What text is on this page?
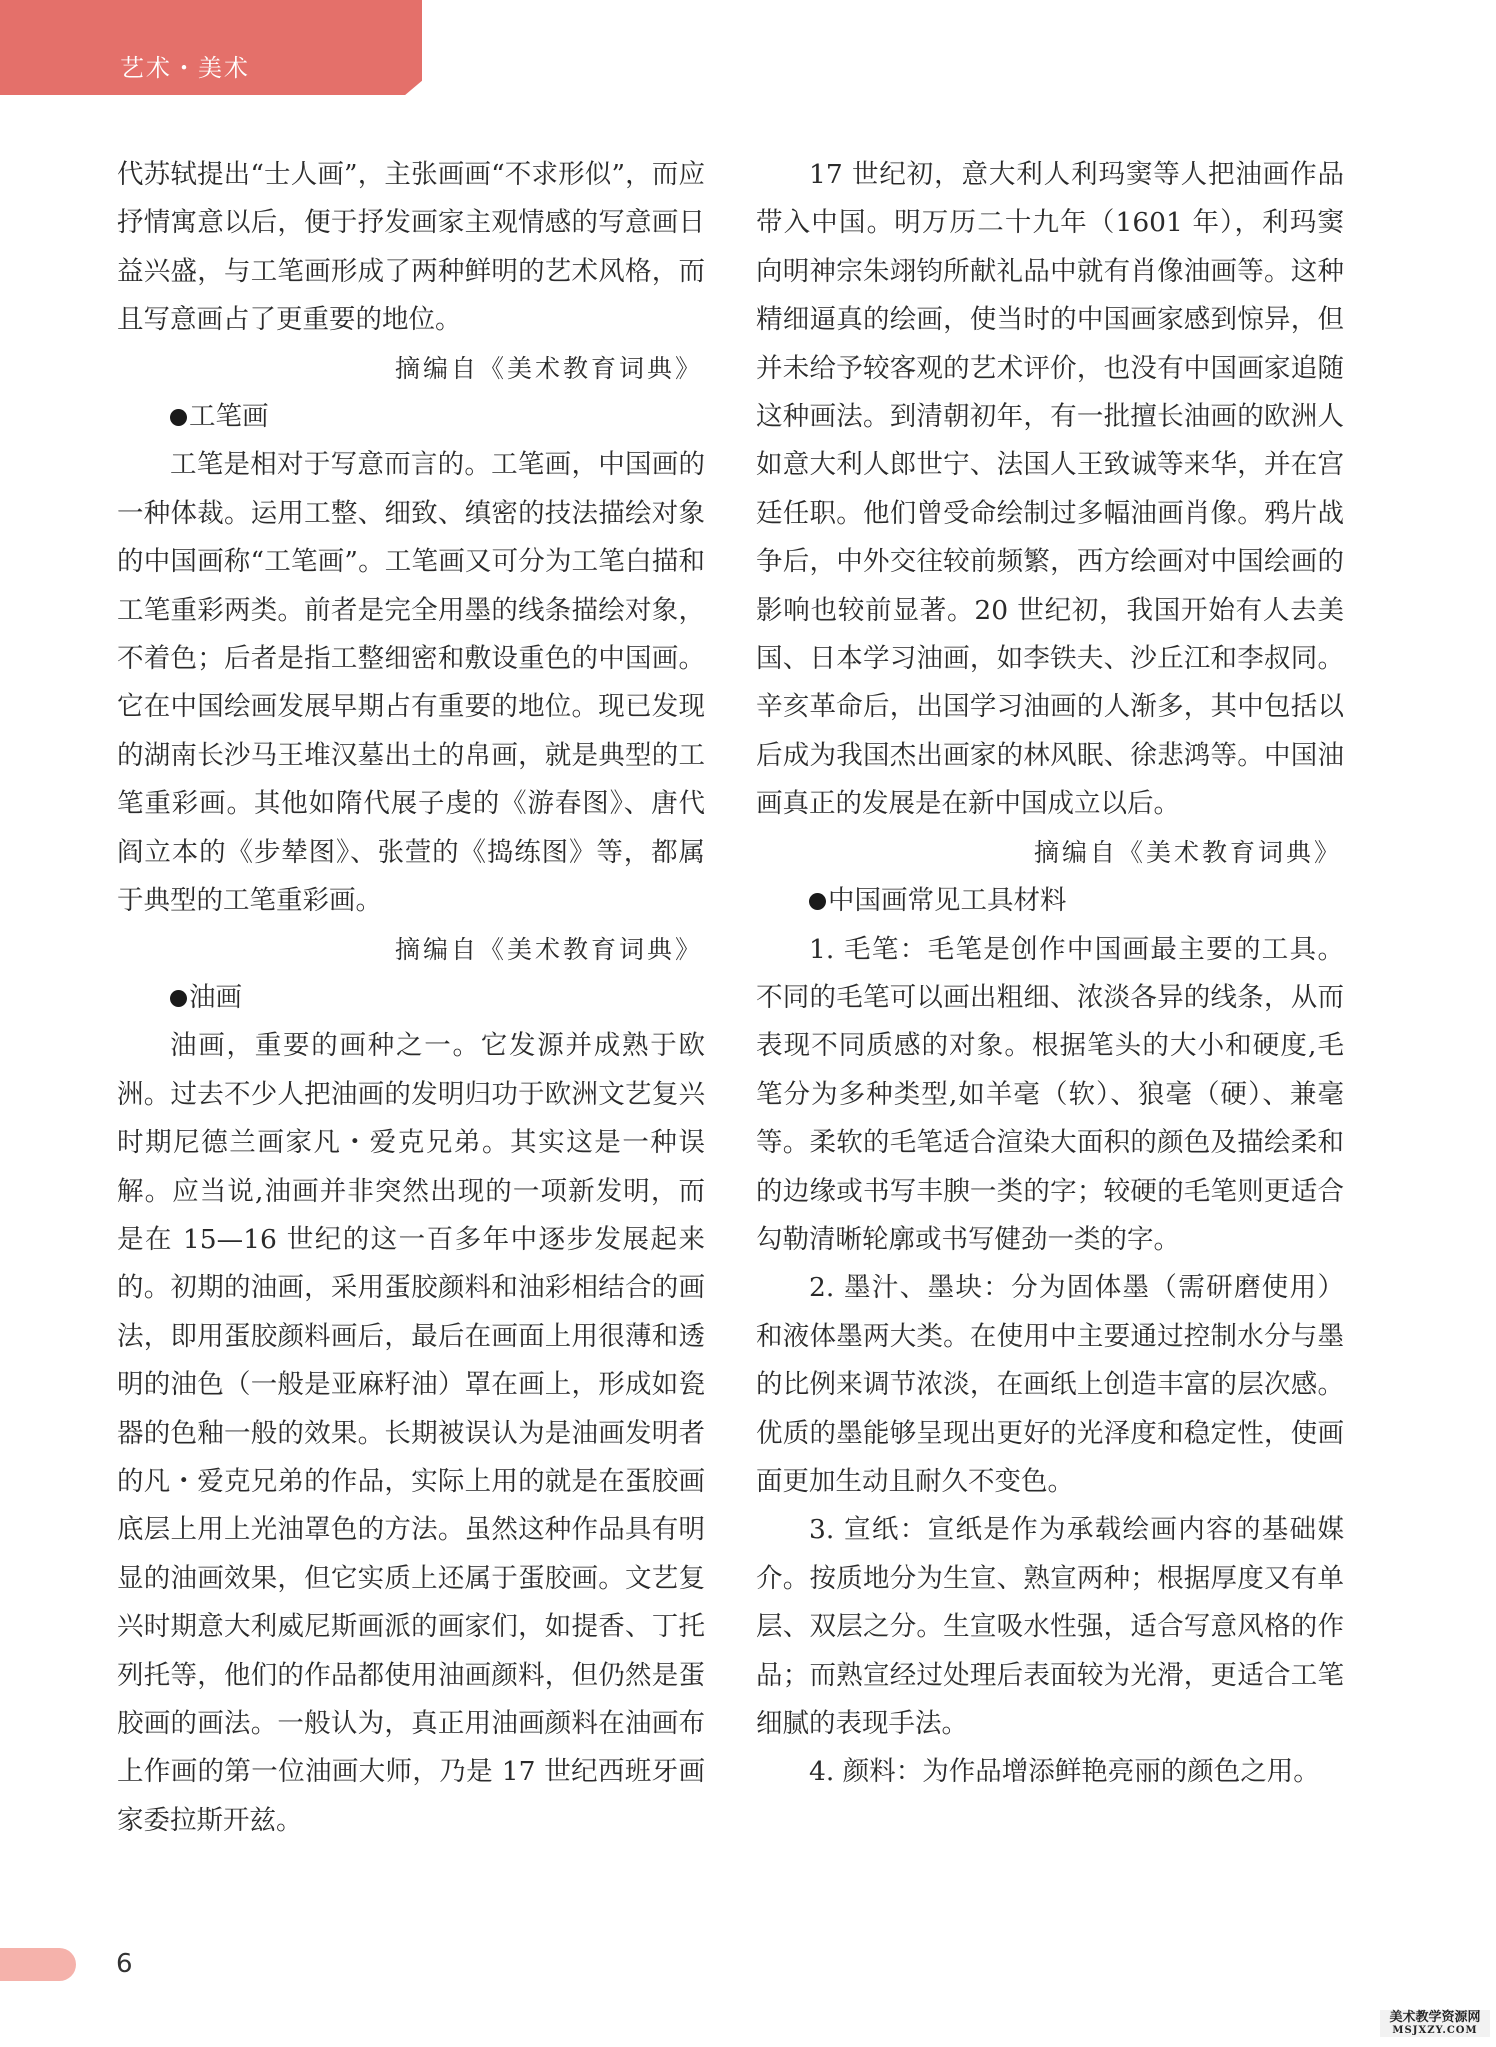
艺术・美术

代苏轼提出“士人画”，主张画画“不求形似”，而应抒情寓意以后，便于抒发画家主观情感的写意画日益兴盛，与工笔画形成了两种鲜明的艺术风格，而且写意画占了更重要的地位。

摘编自《美术教育词典》

工笔画

工笔是相对于写意而言的。工笔画，中国画的一种体裁。运用工整、细致、缜密的技法描绘对象的中国画称“工笔画”。工笔画又可分为工笔白描和工笔重彩两类。前者是完全用墨的线条描绘对象，不着色；后者是指工整细密和敷设重色的中国画。它在中国绘画发展早期占有重要的地位。现已发现的湖南长沙马王堆汉墓出土的帛画，就是典型的工笔重彩画。其他如隋代展子虔的《游春图》、唐代阎立本的《步辇图》、张萱的《捣练图》等，都属于典型的工笔重彩画。

摘编自《美术教育词典》

油画

油画，重要的画种之一。它发源并成熟于欧洲。过去不少人把油画的发明归功于欧洲文艺复兴时期尼德兰画家凡・爱克兄弟。其实这是一种误解。应当说,油画并非突然出现的一项新发明，而是在 15—16 世纪的这一百多年中逐步发展起来的。初期的油画，采用蛋胶颜料和油彩相结合的画法，即用蛋胶颜料画后，最后在画面上用很薄和透明的油色（一般是亚麻籽油）罩在画上，形成如瓷器的色釉一般的效果。长期被误认为是油画发明者的凡・爱克兄弟的作品，实际上用的就是在蛋胶画底层上用上光油罩色的方法。虽然这种作品具有明显的油画效果，但它实质上还属于蛋胶画。文艺复兴时期意大利威尼斯画派的画家们，如提香、丁托列托等，他们的作品都使用油画颜料，但仍然是蛋胶画的画法。一般认为，真正用油画颜料在油画布上作画的第一位油画大师，乃是 17 世纪西班牙画家委拉斯开兹。

17 世纪初，意大利人利玛窦等人把油画作品带入中国。明万历二十九年（1601 年），利玛窦向明神宗朱翊钧所献礼品中就有肖像油画等。这种精细逼真的绘画，使当时的中国画家感到惊异，但并未给予较客观的艺术评价，也没有中国画家追随这种画法。到清朝初年，有一批擅长油画的欧洲人如意大利人郎世宁、法国人王致诚等来华，并在宫廷任职。他们曾受命绘制过多幅油画肖像。鸦片战争后，中外交往较前频繁，西方绘画对中国绘画的影响也较前显著。20 世纪初，我国开始有人去美国、日本学习油画，如李铁夫、沙丘江和李叔同。辛亥革命后，出国学习油画的人渐多，其中包括以后成为我国杰出画家的林风眠、徐悲鸿等。中国油画真正的发展是在新中国成立以后。

摘编自《美术教育词典》

中国画常见工具材料

1. 毛笔：毛笔是创作中国画最主要的工具。不同的毛笔可以画出粗细、浓淡各异的线条，从而表现不同质感的对象。根据笔头的大小和硬度,毛笔分为多种类型,如羊毫（软）、狼毫（硬）、兼毫等。柔软的毛笔适合渲染大面积的颜色及描绘柔和的边缘或书写丰腴一类的字；较硬的毛笔则更适合勾勒清晰轮廓或书写健劲一类的字。

2. 墨汁、墨块：分为固体墨（需研磨使用）和液体墨两大类。在使用中主要通过控制水分与墨的比例来调节浓淡，在画纸上创造丰富的层次感。优质的墨能够呈现出更好的光泽度和稳定性，使画面更加生动且耐久不变色。

3. 宣纸：宣纸是作为承载绘画内容的基础媒介。按质地分为生宣、熟宣两种；根据厚度又有单层、双层之分。生宣吸水性强，适合写意风格的作品；而熟宣经过处理后表面较为光滑，更适合工笔细腻的表现手法。

4. 颜料：为作品增添鲜艳亮丽的颜色之用。

6
美术教学资源网
MSJXZY.COM
